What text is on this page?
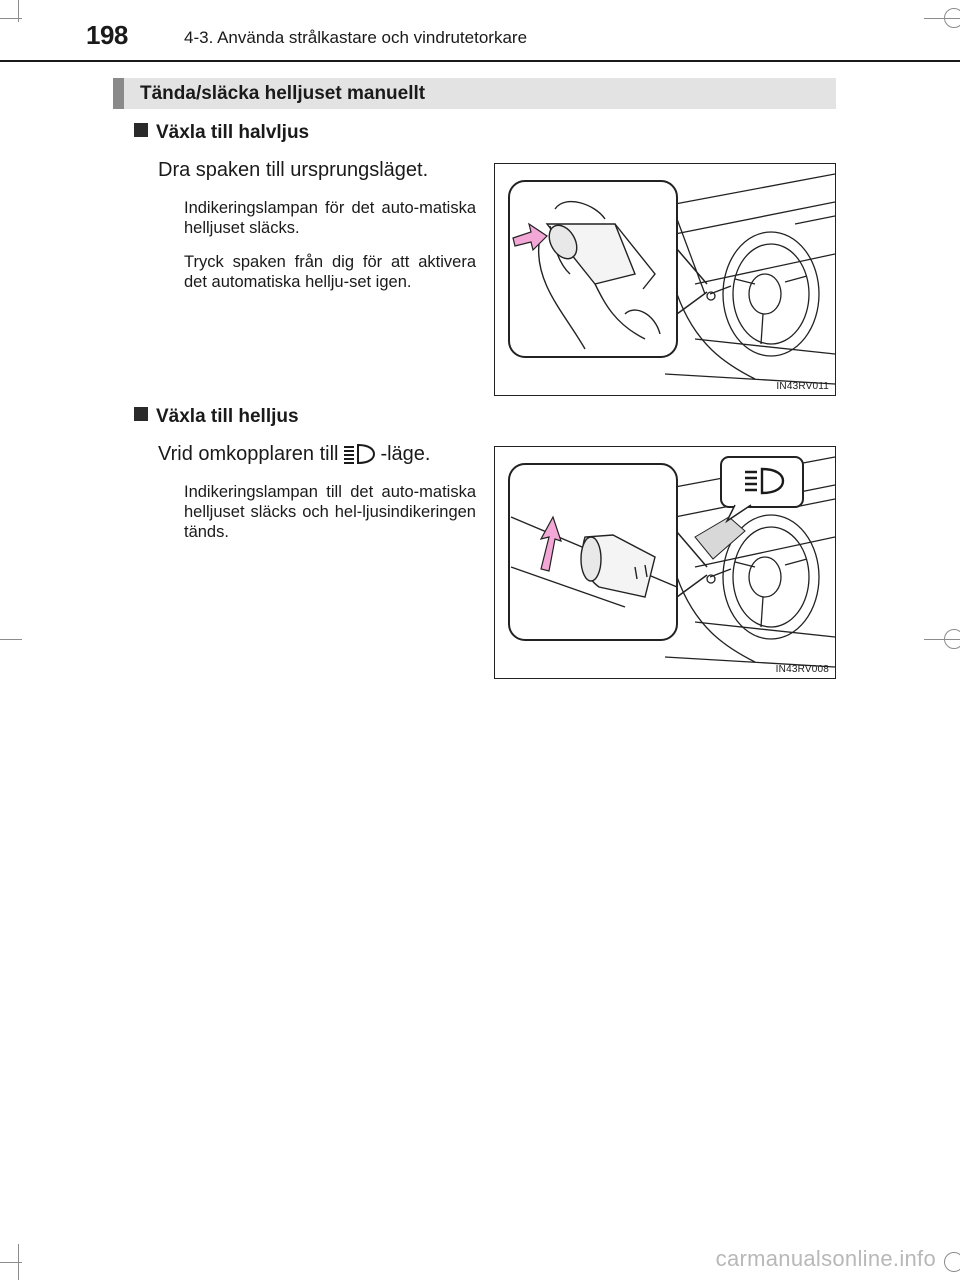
198	4-3. Använda strålkastare och vindrutetorkare
Tända/släcka helljuset manuellt
Växla till halvljus
Dra spaken till ursprungsläget.
Indikeringslampan för det auto-matiska helljuset släcks.
Tryck spaken från dig för att aktivera det automatiska hellju-set igen.
IN43RV011
Växla till helljus
Vrid omkopplaren till -läge.
Indikeringslampan till det auto-matiska helljuset släcks och hel-ljusindikeringen tänds.
IN43RV008
carmanualsonline.info
